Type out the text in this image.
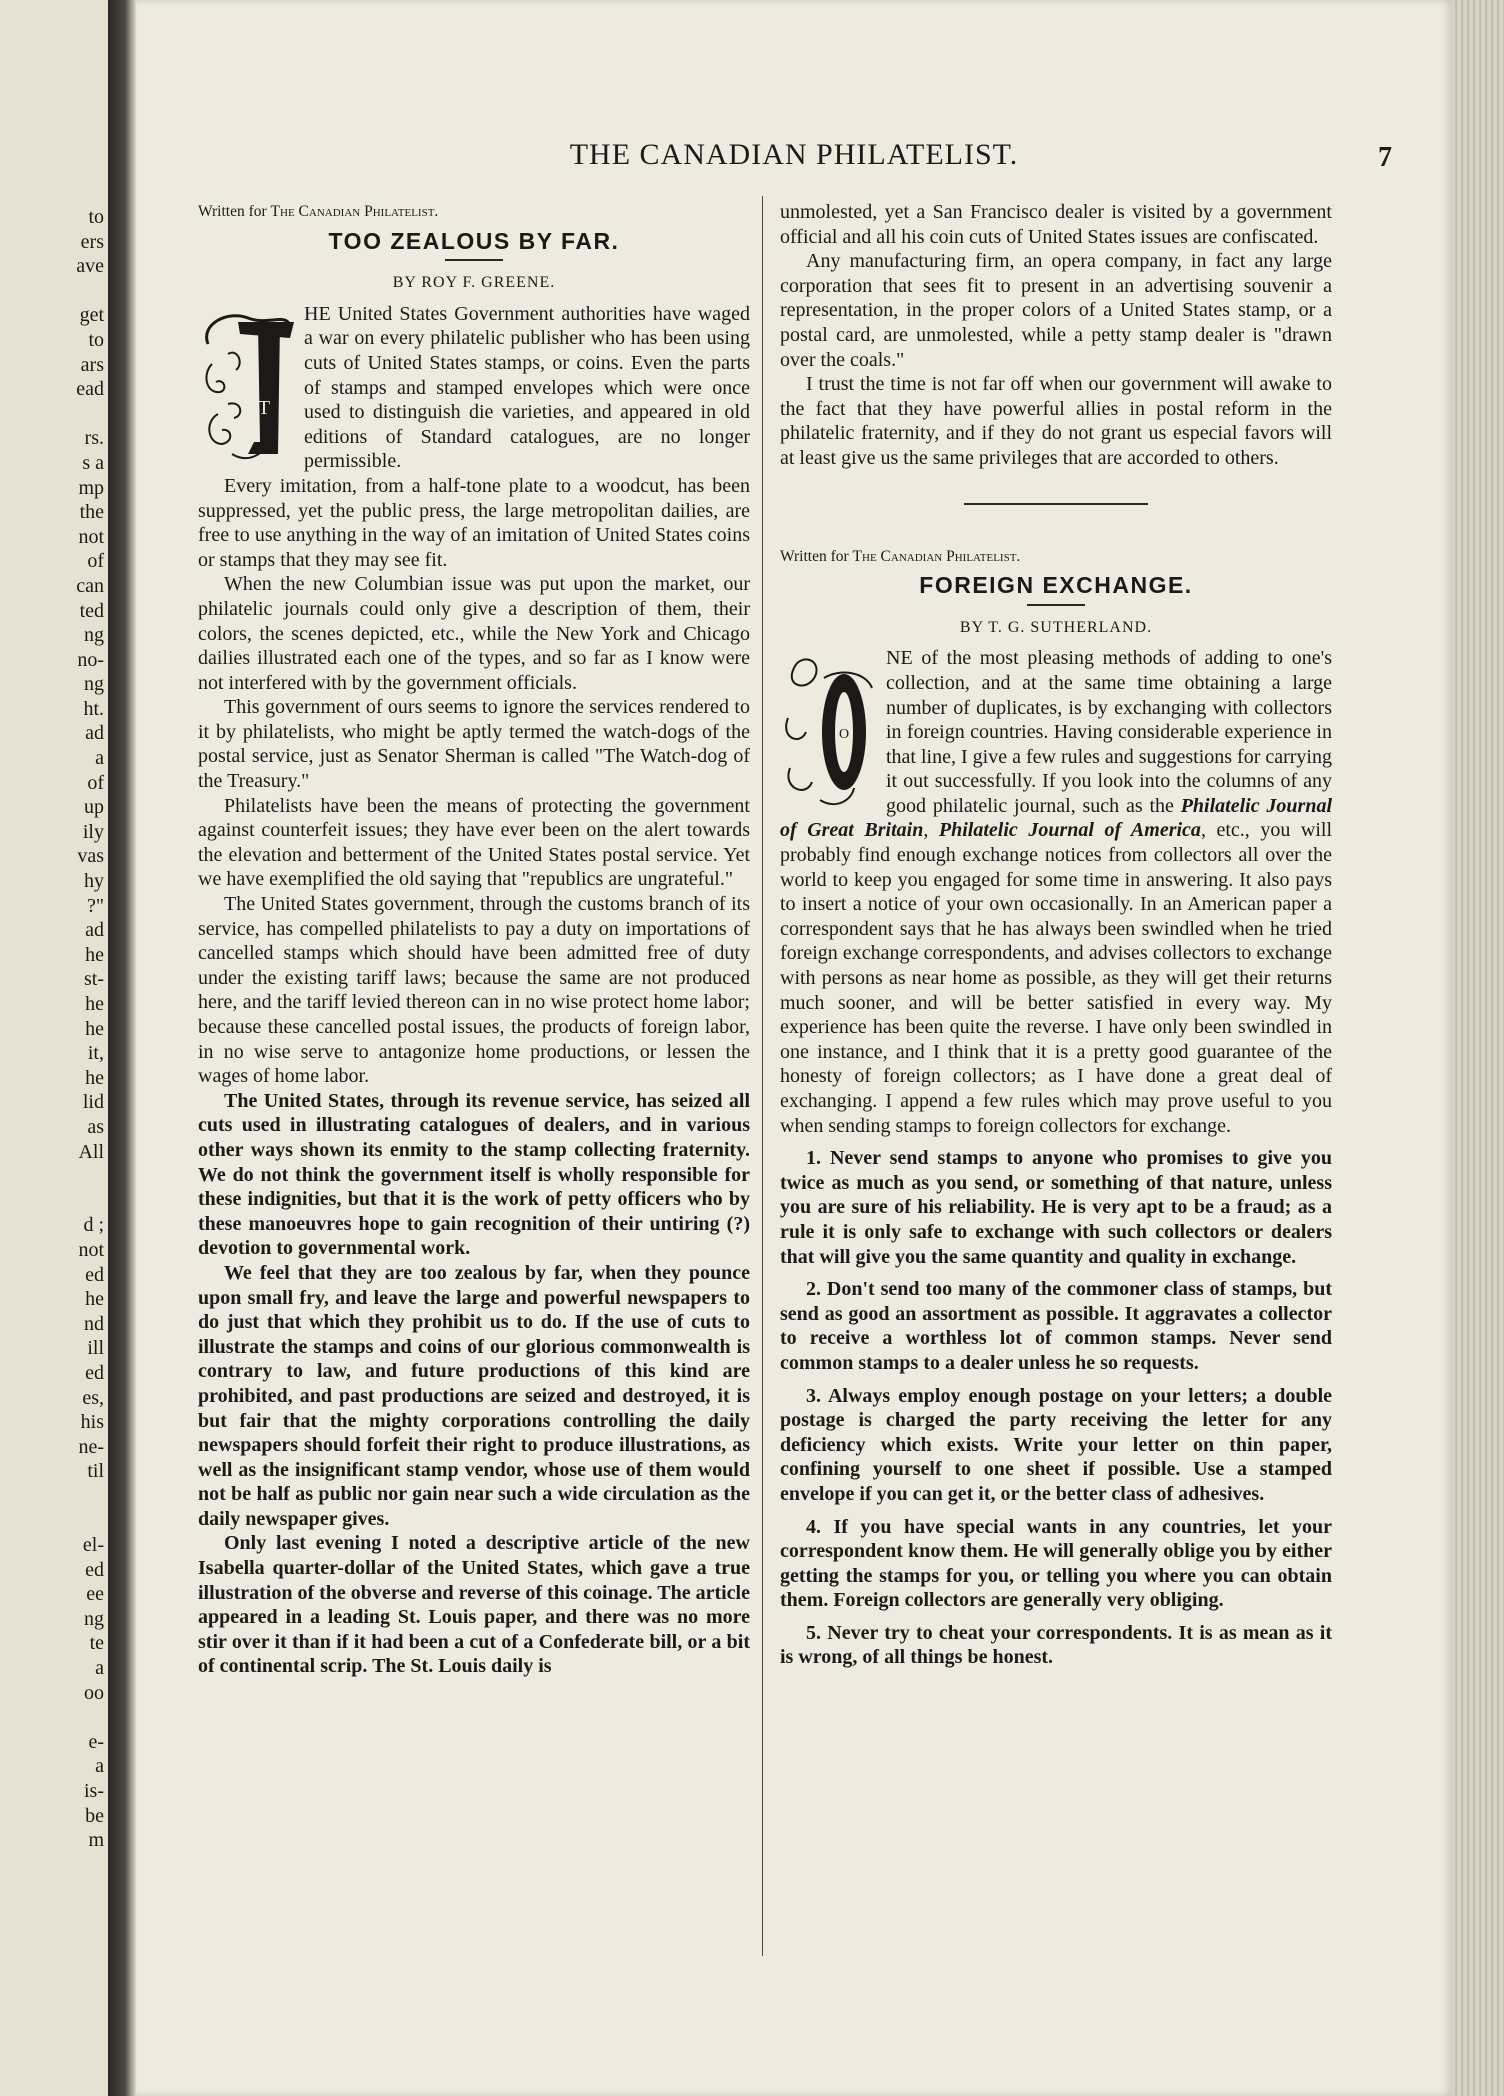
to
ers
ave
get
to
ars
ead
rs.
s a
mp
the
not
of
can
ted
ng
no-
ng
ht.
ad
a
of
up
ily
vas
hy
?"
ad
he
st-
he
he
it,
he
lid
as
All
d ;
not
ed
he
nd
ill
ed
es,
his
ne-
til
el-
ed
ee
ng
te
a
oo
e-
a
is-
be
m
THE CANADIAN PHILATELIST.	7
Written for The Canadian Philatelist.
TOO ZEALOUS BY FAR.
BY ROY F. GREENE.
T

HE United States Government authorities have waged a war on every philatelic publisher who has been using cuts of United States stamps, or coins. Even the parts of stamps and stamped envelopes which were once used to distinguish die varieties, and appeared in old editions of Standard catalogues, are no longer permissible.

Every imitation, from a half-tone plate to a woodcut, has been suppressed, yet the public press, the large metropolitan dailies, are free to use anything in the way of an imitation of United States coins or stamps that they may see fit.

When the new Columbian issue was put upon the market, our philatelic journals could only give a description of them, their colors, the scenes depicted, etc., while the New York and Chicago dailies illustrated each one of the types, and so far as I know were not interfered with by the government officials.

This government of ours seems to ignore the services rendered to it by philatelists, who might be aptly termed the watch-dogs of the postal service, just as Senator Sherman is called "The Watch-dog of the Treasury."

Philatelists have been the means of protecting the government against counterfeit issues; they have ever been on the alert towards the elevation and betterment of the United States postal service. Yet we have exemplified the old saying that "republics are ungrateful."

The United States government, through the customs branch of its service, has compelled philatelists to pay a duty on importations of cancelled stamps which should have been admitted free of duty under the existing tariff laws; because the same are not produced here, and the tariff levied thereon can in no wise protect home labor; because these cancelled postal issues, the products of foreign labor, in no wise serve to antagonize home productions, or lessen the wages of home labor.

The United States, through its revenue service, has seized all cuts used in illustrating catalogues of dealers, and in various other ways shown its enmity to the stamp collecting fraternity. We do not think the government itself is wholly responsible for these indignities, but that it is the work of petty officers who by these manoeuvres hope to gain recognition of their untiring (?) devotion to governmental work.

We feel that they are too zealous by far, when they pounce upon small fry, and leave the large and powerful newspapers to do just that which they prohibit us to do. If the use of cuts to illustrate the stamps and coins of our glorious commonwealth is contrary to law, and future productions of this kind are prohibited, and past productions are seized and destroyed, it is but fair that the mighty corporations controlling the daily newspapers should forfeit their right to produce illustrations, as well as the insignificant stamp vendor, whose use of them would not be half as public nor gain near such a wide circulation as the daily newspaper gives.

Only last evening I noted a descriptive article of the new Isabella quarter-dollar of the United States, which gave a true illustration of the obverse and reverse of this coinage. The article appeared in a leading St. Louis paper, and there was no more stir over it than if it had been a cut of a Confederate bill, or a bit of continental scrip. The St. Louis daily is

unmolested, yet a San Francisco dealer is visited by a government official and all his coin cuts of United States issues are confiscated.

Any manufacturing firm, an opera company, in fact any large corporation that sees fit to present in an advertising souvenir a representation, in the proper colors of a United States stamp, or a postal card, are unmolested, while a petty stamp dealer is "drawn over the coals."

I trust the time is not far off when our government will awake to the fact that they have powerful allies in postal reform in the philatelic fraternity, and if they do not grant us especial favors will at least give us the same privileges that are accorded to others.

Written for The Canadian Philatelist.
FOREIGN EXCHANGE.
BY T. G. SUTHERLAND.
O

NE of the most pleasing methods of adding to one's collection, and at the same time obtaining a large number of duplicates, is by exchanging with collectors in foreign countries. Having considerable experience in that line, I give a few rules and suggestions for carrying it out successfully. If you look into the columns of any good philatelic journal, such as the Philatelic Journal of Great Britain, Philatelic Journal of America, etc., you will probably find enough exchange notices from collectors all over the world to keep you engaged for some time in answering. It also pays to insert a notice of your own occasionally. In an American paper a correspondent says that he has always been swindled when he tried foreign exchange correspondents, and advises collectors to exchange with persons as near home as possible, as they will get their returns much sooner, and will be better satisfied in every way. My experience has been quite the reverse. I have only been swindled in one instance, and I think that it is a pretty good guarantee of the honesty of foreign collectors; as I have done a great deal of exchanging. I append a few rules which may prove useful to you when sending stamps to foreign collectors for exchange.

1. Never send stamps to anyone who promises to give you twice as much as you send, or something of that nature, unless you are sure of his reliability. He is very apt to be a fraud; as a rule it is only safe to exchange with such collectors or dealers that will give you the same quantity and quality in exchange.

2. Don't send too many of the commoner class of stamps, but send as good an assortment as possible. It aggravates a collector to receive a worthless lot of common stamps. Never send common stamps to a dealer unless he so requests.

3. Always employ enough postage on your letters; a double postage is charged the party receiving the letter for any deficiency which exists. Write your letter on thin paper, confining yourself to one sheet if possible. Use a stamped envelope if you can get it, or the better class of adhesives.

4. If you have special wants in any countries, let your correspondent know them. He will generally oblige you by either getting the stamps for you, or telling you where you can obtain them. Foreign collectors are generally very obliging.

5. Never try to cheat your correspondents. It is as mean as it is wrong, of all things be honest.
